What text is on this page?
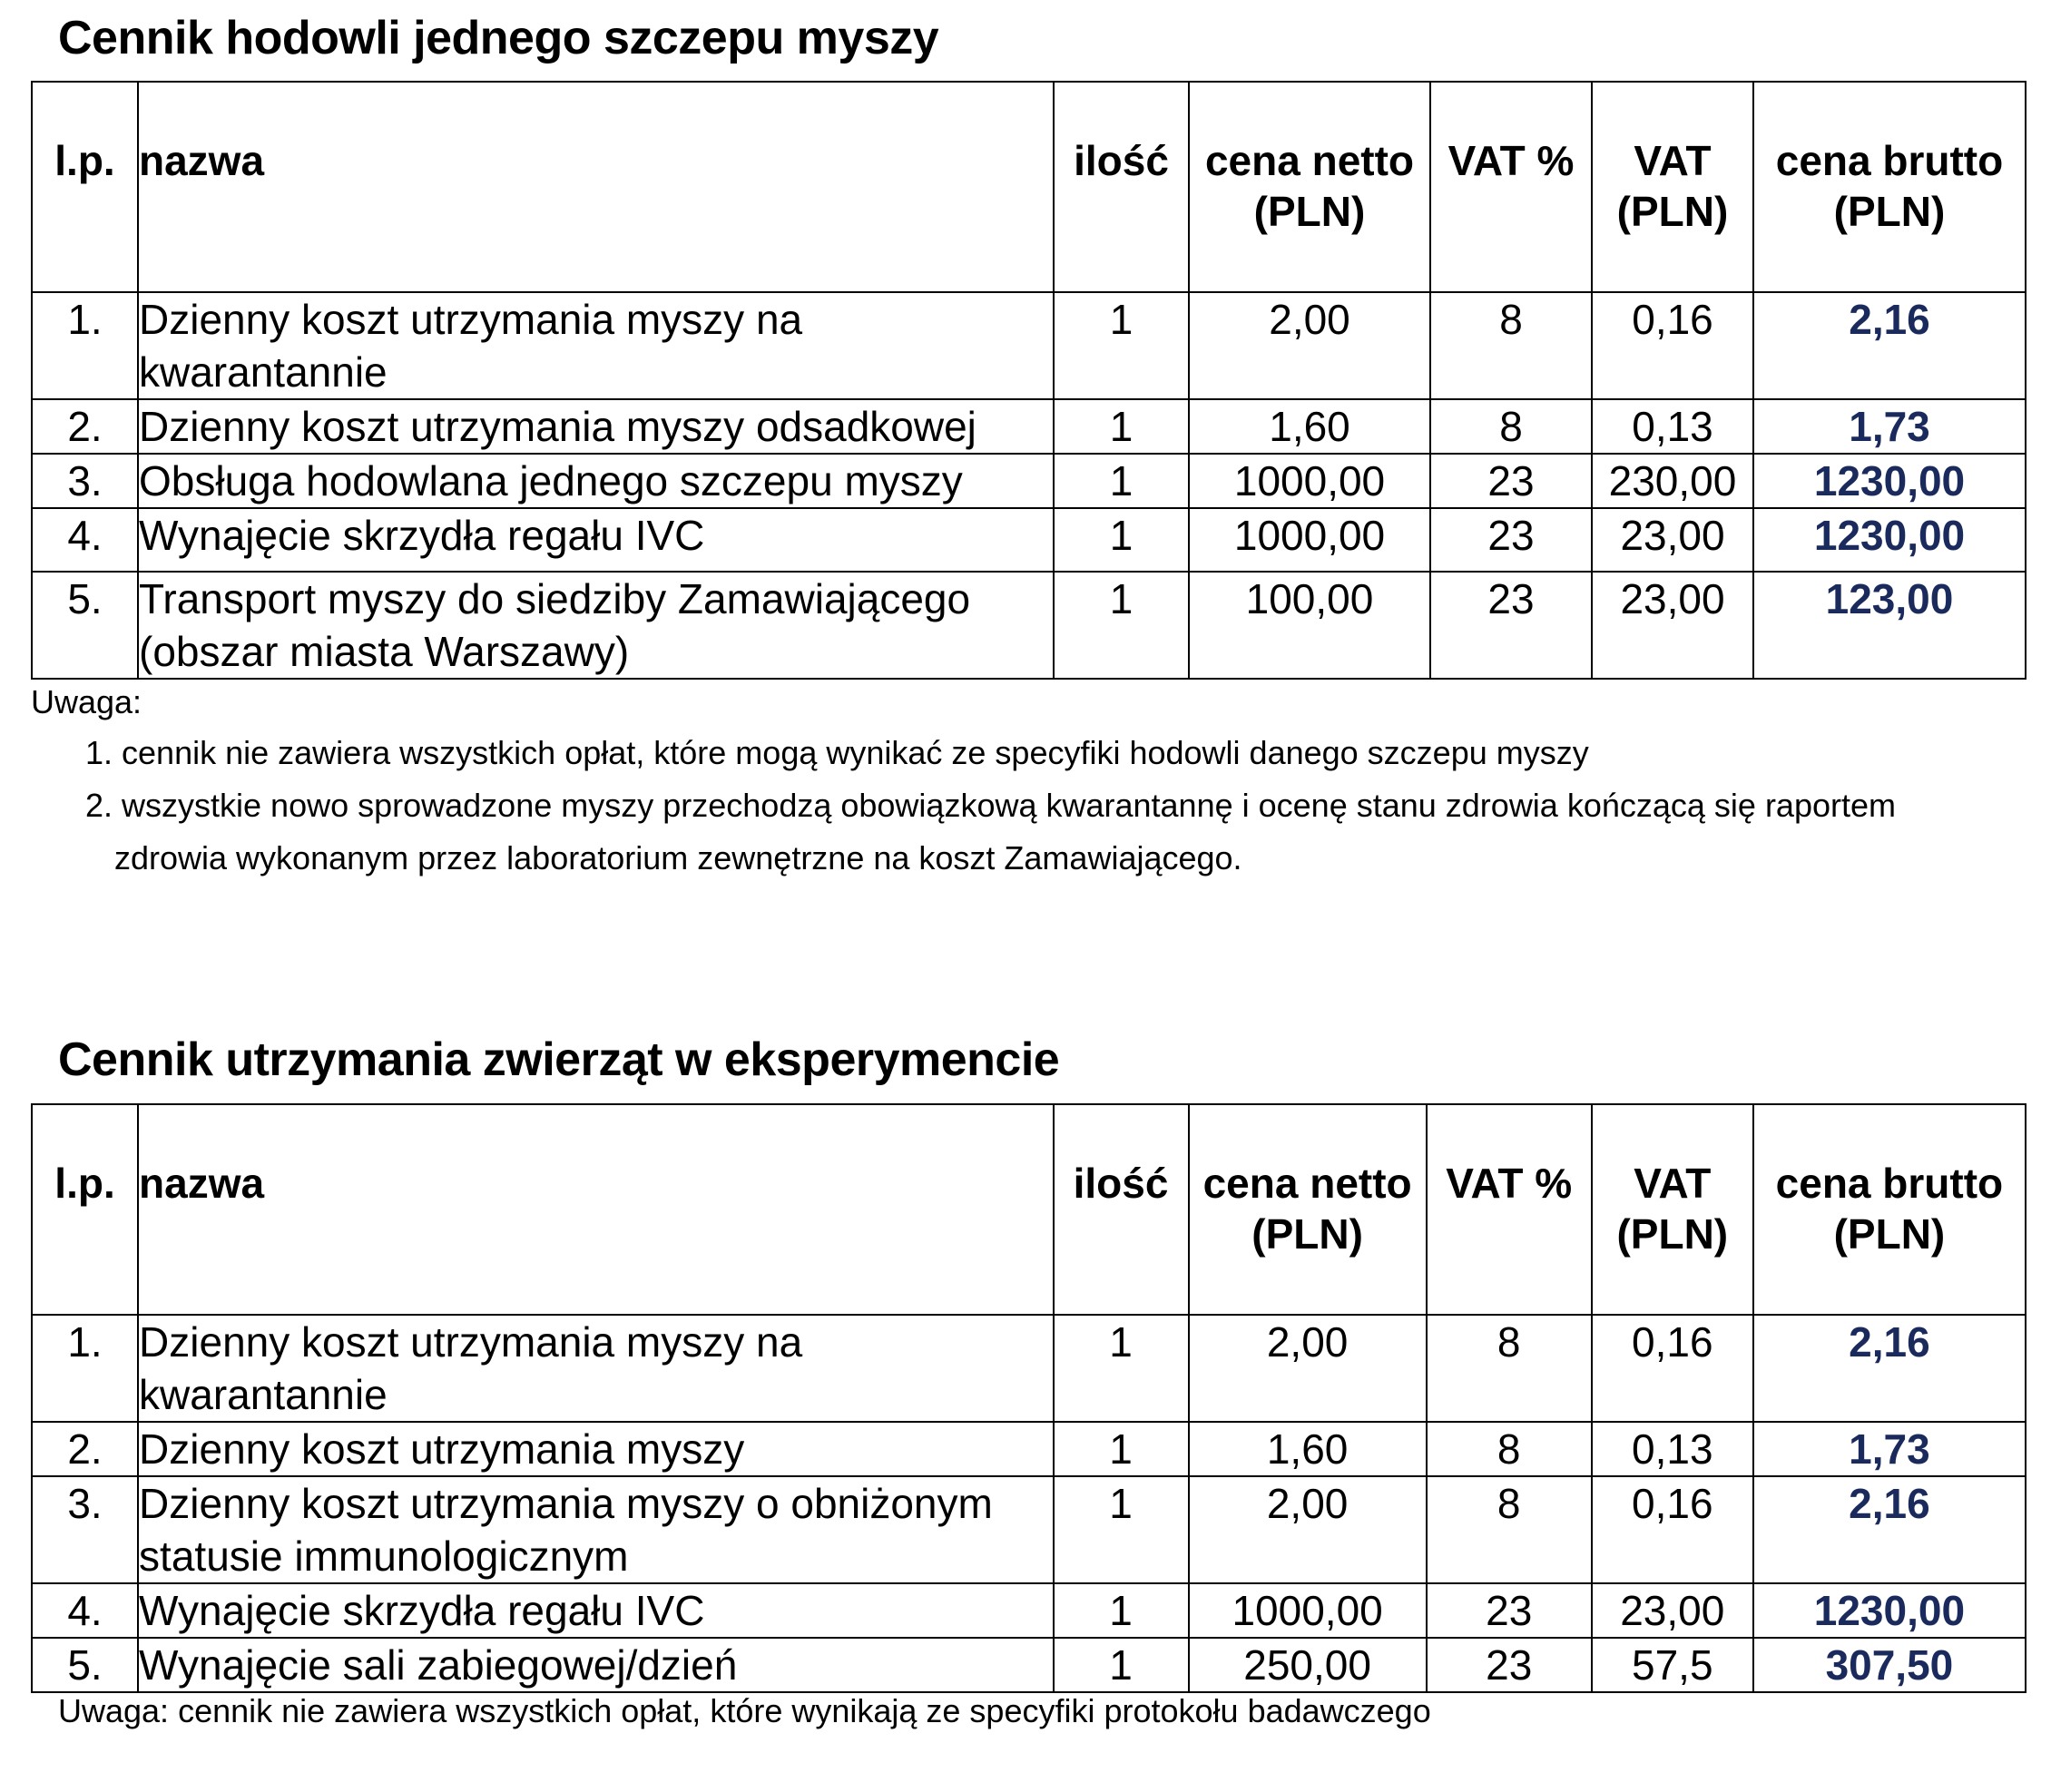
Cennik hodowli jednego szczepu myszy
l.p.	nazwa	ilość	cena netto (PLN)	VAT %	VAT (PLN)	cena brutto (PLN)
1.	Dzienny koszt utrzymania myszy na kwarantannie	1	2,00	8	0,16	2,16
2.	Dzienny koszt utrzymania myszy odsadkowej	1	1,60	8	0,13	1,73
3.	Obsługa hodowlana jednego szczepu myszy	1	1000,00	23	230,00	1230,00
4.	Wynajęcie skrzydła regału IVC	1	1000,00	23	23,00	1230,00
5.	Transport myszy do siedziby Zamawiającego (obszar miasta Warszawy)	1	100,00	23	23,00	123,00
Uwaga:
1. cennik nie zawiera wszystkich opłat, które mogą wynikać ze specyfiki hodowli danego szczepu myszy
2. wszystkie nowo sprowadzone myszy przechodzą obowiązkową kwarantannę i ocenę stanu zdrowia kończącą się raportem
zdrowia wykonanym przez laboratorium zewnętrzne na koszt Zamawiającego.
Cennik utrzymania zwierząt w eksperymencie
l.p.	nazwa	ilość	cena netto (PLN)	VAT %	VAT (PLN)	cena brutto (PLN)
1.	Dzienny koszt utrzymania myszy na kwarantannie	1	2,00	8	0,16	2,16
2.	Dzienny koszt utrzymania myszy	1	1,60	8	0,13	1,73
3.	Dzienny koszt utrzymania myszy o obniżonym statusie immunologicznym	1	2,00	8	0,16	2,16
4.	Wynajęcie skrzydła regału IVC	1	1000,00	23	23,00	1230,00
5.	Wynajęcie sali zabiegowej/dzień	1	250,00	23	57,5	307,50
Uwaga: cennik nie zawiera wszystkich opłat, które wynikają ze specyfiki protokołu badawczego
